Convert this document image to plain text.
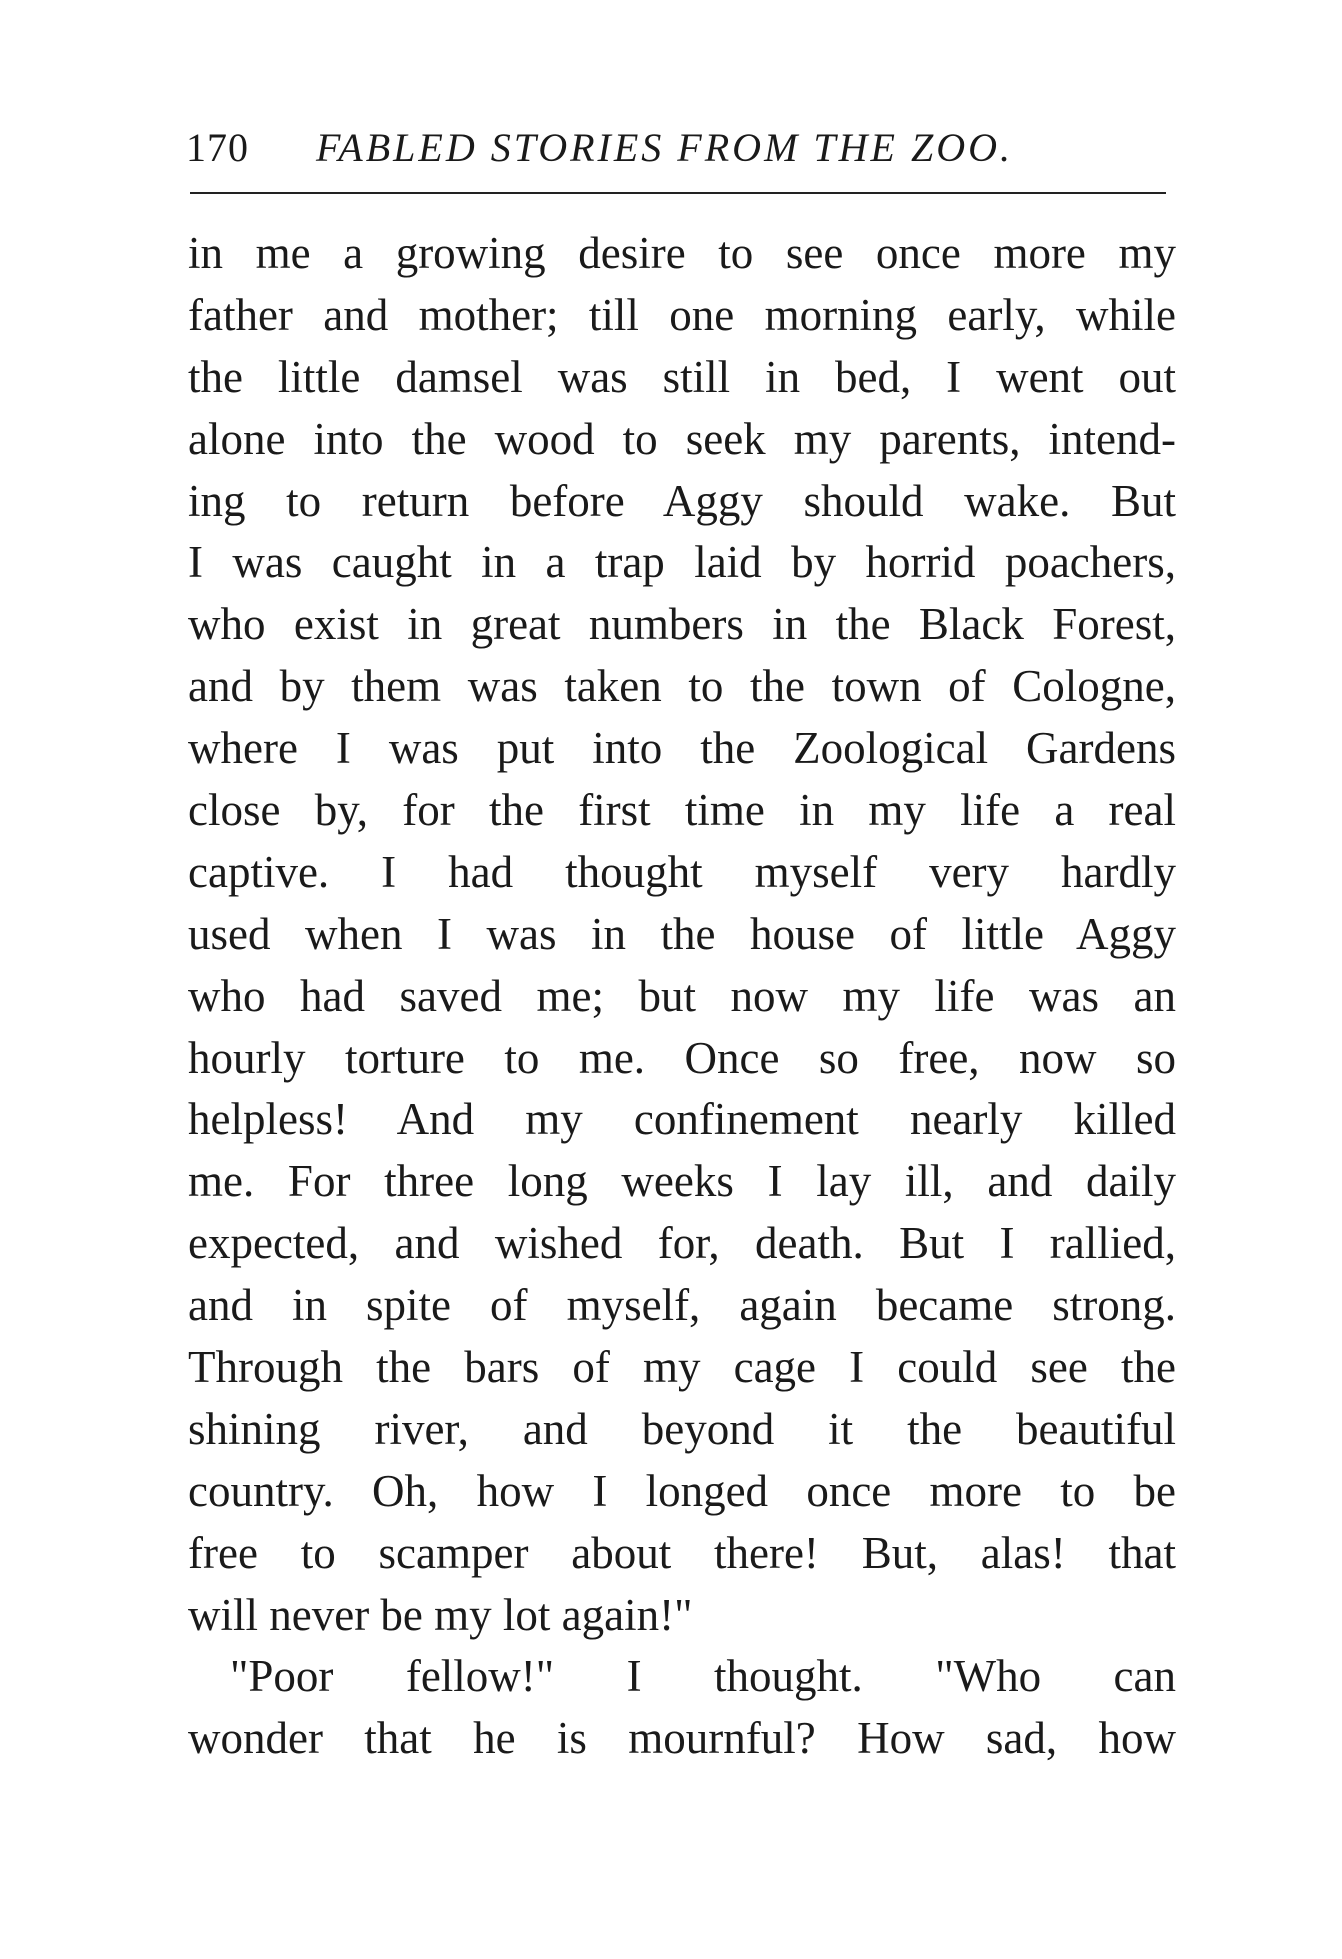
170 FABLED STORIES FROM THE ZOO.
in me a growing desire to see once more my
father and mother; till one morning early, while
the little damsel was still in bed, I went out
alone into the wood to seek my parents, intend-
ing to return before Aggy should wake. But
I was caught in a trap laid by horrid poachers,
who exist in great numbers in the Black Forest,
and by them was taken to the town of Cologne,
where I was put into the Zoological Gardens
close by, for the first time in my life a real
captive. I had thought myself very hardly
used when I was in the house of little Aggy
who had saved me; but now my life was an
hourly torture to me. Once so free, now so
helpless! And my confinement nearly killed
me. For three long weeks I lay ill, and daily
expected, and wished for, death. But I rallied,
and in spite of myself, again became strong.
Through the bars of my cage I could see the
shining river, and beyond it the beautiful
country. Oh, how I longed once more to be
free to scamper about there! But, alas! that
will never be my lot again!"
"Poor fellow!" I thought. "Who can
wonder that he is mournful? How sad, how
